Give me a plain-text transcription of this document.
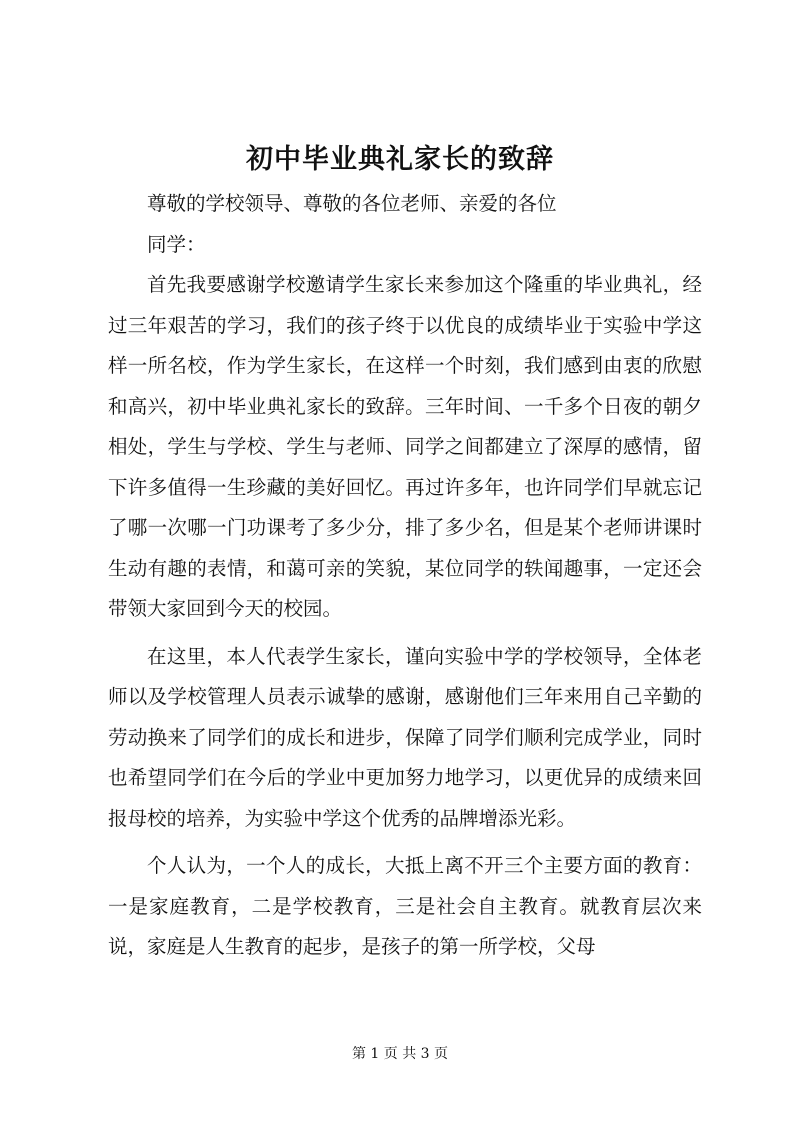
初中毕业典礼家长的致辞

尊敬的学校领导、尊敬的各位老师、亲爱的各位

同学：

首先我要感谢学校邀请学生家长来参加这个隆重的毕业典礼，经过三年艰苦的学习，我们的孩子终于以优良的成绩毕业于实验中学这样一所名校，作为学生家长，在这样一个时刻，我们感到由衷的欣慰和高兴，初中毕业典礼家长的致辞。三年时间、一千多个日夜的朝夕相处，学生与学校、学生与老师、同学之间都建立了深厚的感情，留下许多值得一生珍藏的美好回忆。再过许多年，也许同学们早就忘记了哪一次哪一门功课考了多少分，排了多少名，但是某个老师讲课时生动有趣的表情，和蔼可亲的笑貌，某位同学的轶闻趣事，一定还会带领大家回到今天的校园。

在这里，本人代表学生家长，谨向实验中学的学校领导，全体老师以及学校管理人员表示诚挚的感谢，感谢他们三年来用自己辛勤的劳动换来了同学们的成长和进步，保障了同学们顺利完成学业，同时也希望同学们在今后的学业中更加努力地学习，以更优异的成绩来回报母校的培养，为实验中学这个优秀的品牌增添光彩。

个人认为，一个人的成长，大抵上离不开三个主要方面的教育：一是家庭教育，二是学校教育，三是社会自主教育。就教育层次来说，家庭是人生教育的起步，是孩子的第一所学校，父母

第 1 页 共 3 页
